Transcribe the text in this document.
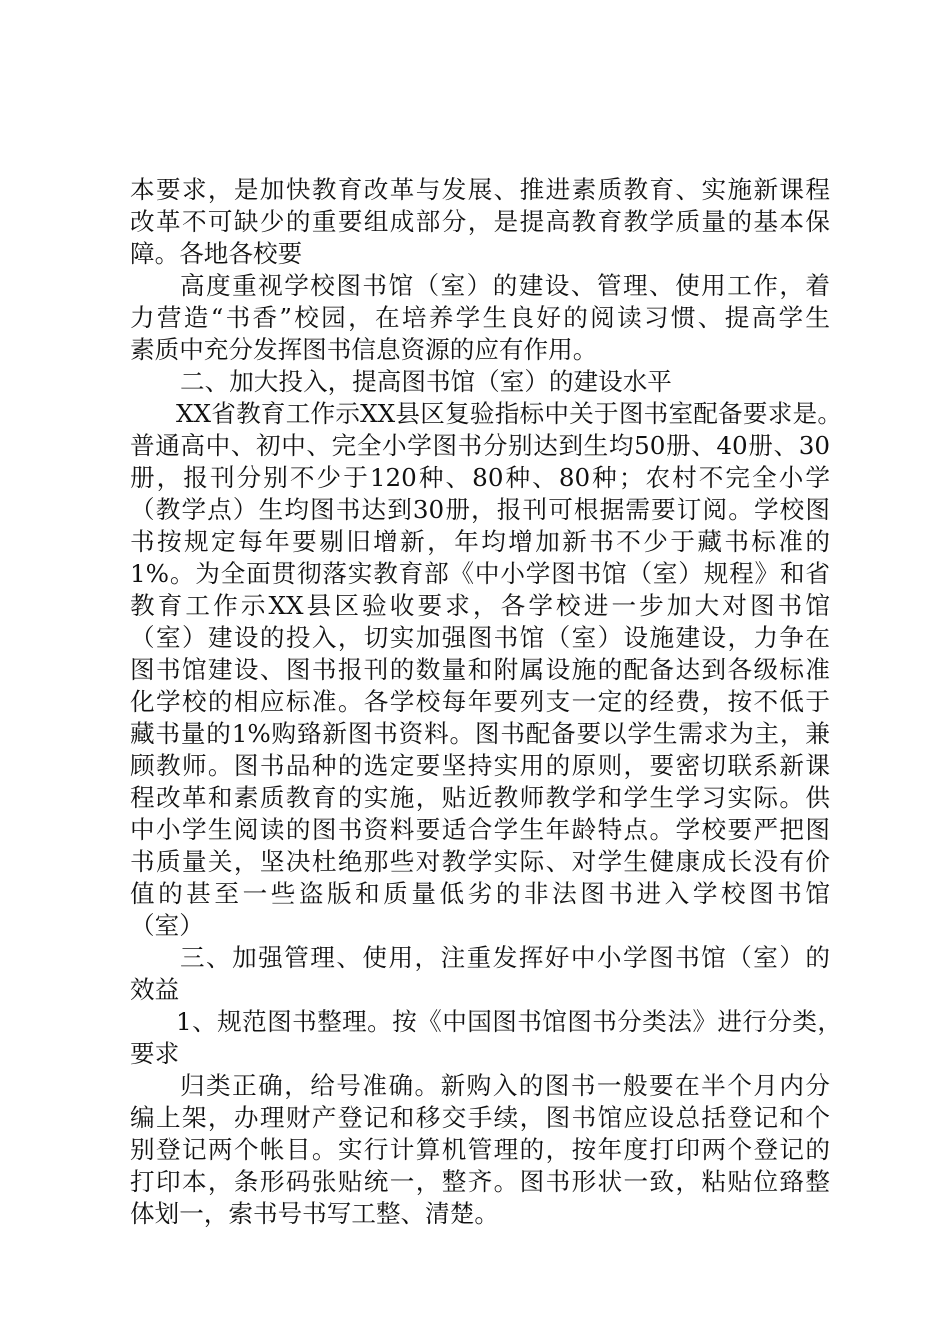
本要求，是加快教育改革与发展、推进素质教育、实施新课程
改革不可缺少的重要组成部分，是提高教育教学质量的基本保
障。各地各校要
高度重视学校图书馆（室）的建设、管理、使用工作，着
力营造“书香”校园，在培养学生良好的阅读习惯、提高学生
素质中充分发挥图书信息资源的应有作用。
二、加大投入，提高图书馆（室）的建设水平
XX省教育工作示XX县区复验指标中关于图书室配备要求是。
普通高中、初中、完全小学图书分别达到生均50册、40册、30
册，报刊分别不少于120种、80种、80种；农村不完全小学
（教学点）生均图书达到30册，报刊可根据需要订阅。学校图
书按规定每年要剔旧增新，年均增加新书不少于藏书标准的
1%。为全面贯彻落实教育部《中小学图书馆（室）规程》和省
教育工作示XX县区验收要求，各学校进一步加大对图书馆
（室）建设的投入，切实加强图书馆（室）设施建设，力争在
图书馆建设、图书报刊的数量和附属设施的配备达到各级标准
化学校的相应标准。各学校每年要列支一定的经费，按不低于
藏书量的1%购臵新图书资料。图书配备要以学生需求为主，兼
顾教师。图书品种的选定要坚持实用的原则，要密切联系新课
程改革和素质教育的实施，贴近教师教学和学生学习实际。供
中小学生阅读的图书资料要适合学生年龄特点。学校要严把图
书质量关，坚决杜绝那些对教学实际、对学生健康成长没有价
值的甚至一些盗版和质量低劣的非法图书进入学校图书馆
（室）
三、加强管理、使用，注重发挥好中小学图书馆（室）的
效益
1、规范图书整理。按《中国图书馆图书分类法》进行分类，
要求
归类正确，给号准确。新购入的图书一般要在半个月内分
编上架，办理财产登记和移交手续，图书馆应设总括登记和个
别登记两个帐目。实行计算机管理的，按年度打印两个登记的
打印本，条形码张贴统一，整齐。图书形状一致，粘贴位臵整
体划一，索书号书写工整、清楚。
